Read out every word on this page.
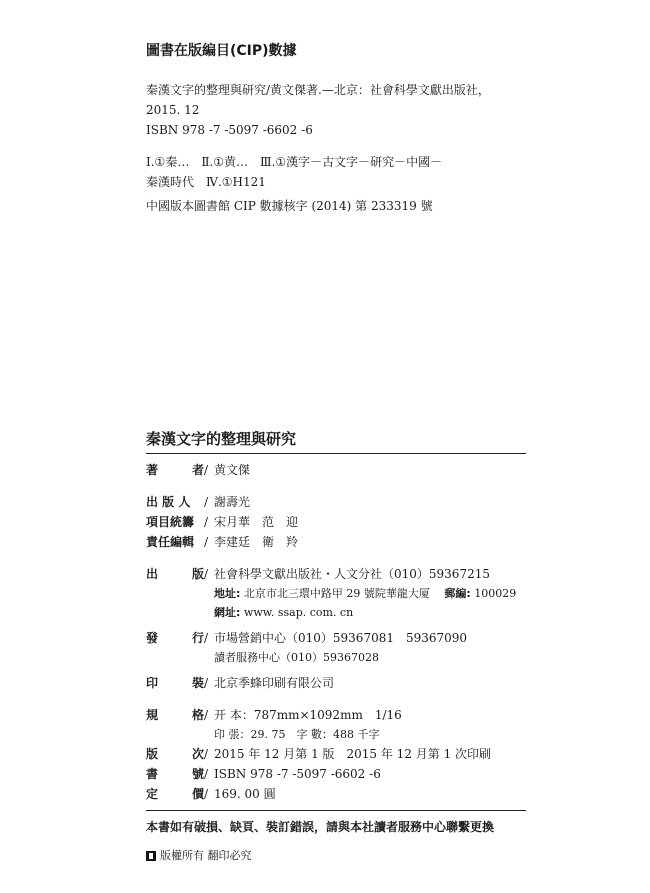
圖書在版編目(CIP)數據

秦漢文字的整理與研究/黄文傑著.—北京：社會科學文獻出版社，

2015. 12

ISBN 978 -7 -5097 -6602 -6

Ⅰ.①秦…　Ⅱ.①黄…　Ⅲ.①漢字－古文字－研究－中國－

秦漢時代　Ⅳ.①H121

中國版本圖書館 CIP 數據核字 (2014) 第 233319 號

秦漢文字的整理與研究
著	者 / 黄文傑
出 版 人	/ 謝壽光
項目統籌 / 宋月華　范　迎
責任編輯 / 李建廷　衛　羚
出	版 / 社會科學文獻出版社・人文分社（010）59367215
地址: 北京市北三環中路甲 29 號院華龍大厦　 郵編: 100029
網址: www. ssap. com. cn
發	行 / 市場營銷中心（010）59367081　59367090
讀者服務中心（010）59367028
印	裝 / 北京季蜂印刷有限公司
規	格 / 开 本：787mm×1092mm　1/16
印 張：29. 75　字 數：488 千字
版	次 / 2015 年 12 月第 1 版　2015 年 12 月第 1 次印刷
書	號 / ISBN 978 -7 -5097 -6602 -6
定	價 / 169. 00 圓
本書如有破損、缺頁、裝訂錯誤，請與本社讀者服務中心聯繫更換
版權所有 翻印必究
